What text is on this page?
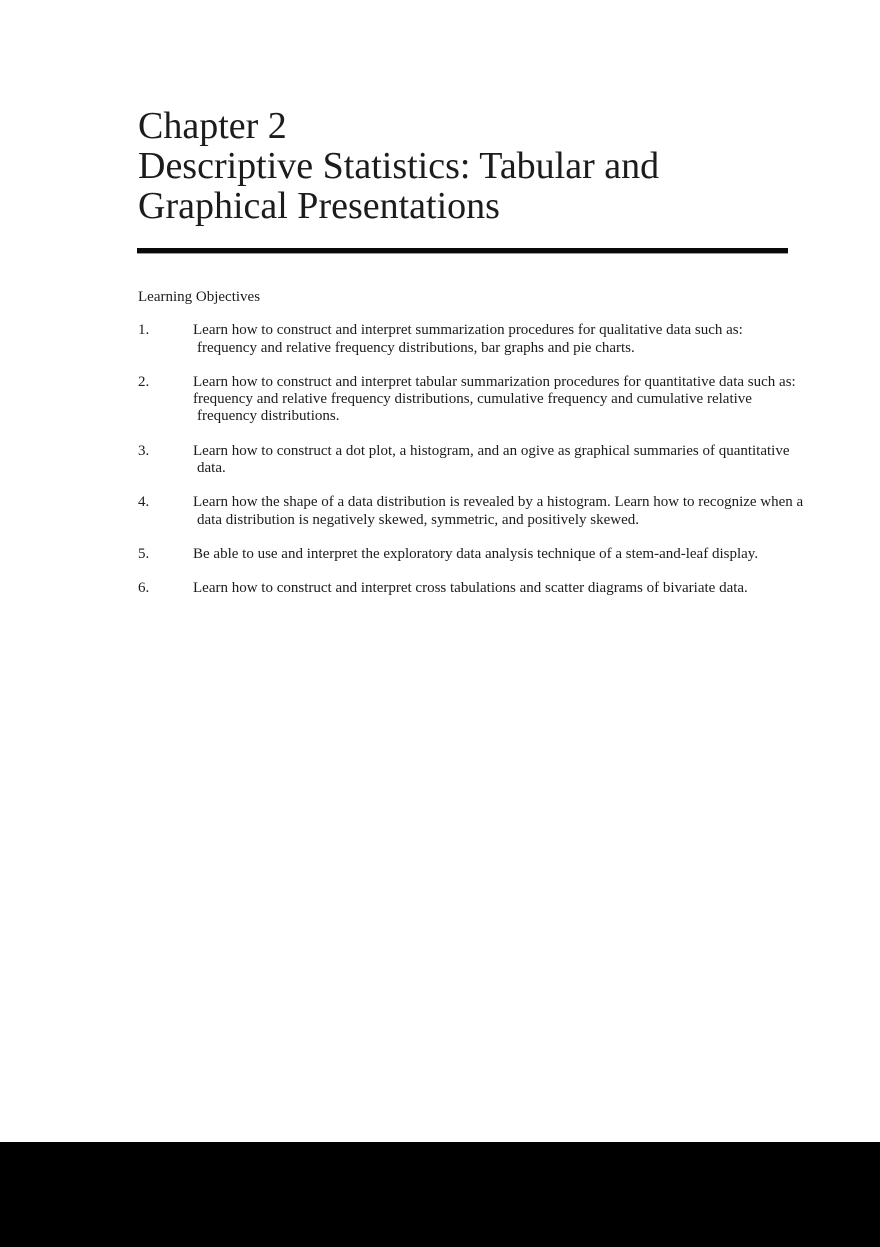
Chapter 2
Descriptive Statistics: Tabular and
Graphical Presentations

Learning Objectives

1.	Learn how to construct and interpret summarization procedures for qualitative data such as:
frequency and relative frequency distributions, bar graphs and pie charts.
2.	Learn how to construct and interpret tabular summarization procedures for quantitative data such as:
frequency and relative frequency distributions, cumulative frequency and cumulative relative
frequency distributions.
3.	Learn how to construct a dot plot, a histogram, and an ogive as graphical summaries of quantitative
data.
4.	Learn how the shape of a data distribution is revealed by a histogram. Learn how to recognize when a
data distribution is negatively skewed, symmetric, and positively skewed.
5.	Be able to use and interpret the exploratory data analysis technique of a stem-and-leaf display.
6.	Learn how to construct and interpret cross tabulations and scatter diagrams of bivariate data.
